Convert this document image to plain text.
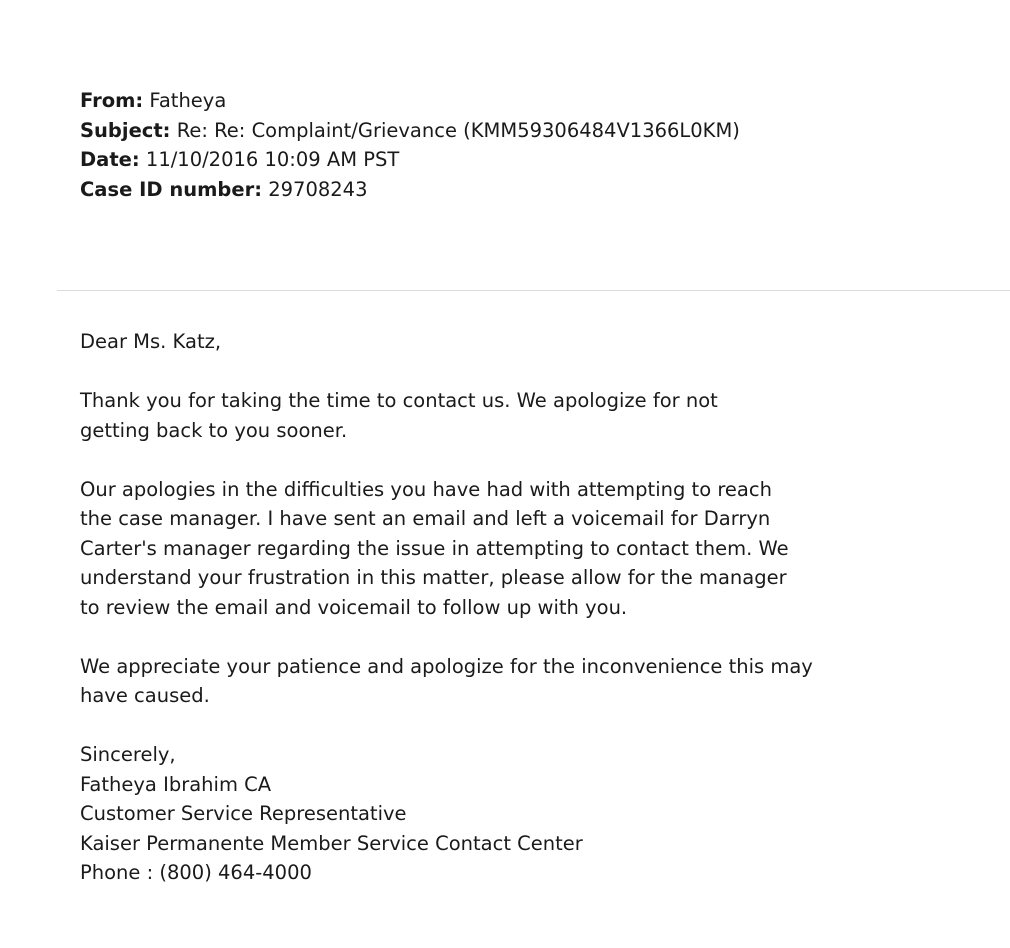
From: Fatheya
Subject: Re: Re: Complaint/Grievance (KMM59306484V1366L0KM)
Date: 11/10/2016 10:09 AM PST
Case ID number: 29708243

Dear Ms. Katz,

Thank you for taking the time to contact us. We apologize for not
getting back to you sooner.

Our apologies in the difficulties you have had with attempting to reach
the case manager. I have sent an email and left a voicemail for Darryn
Carter's manager regarding the issue in attempting to contact them. We
understand your frustration in this matter, please allow for the manager
to review the email and voicemail to follow up with you.

We appreciate your patience and apologize for the inconvenience this may
have caused.

Sincerely,
Fatheya Ibrahim CA
Customer Service Representative
Kaiser Permanente Member Service Contact Center
Phone : (800) 464-4000
